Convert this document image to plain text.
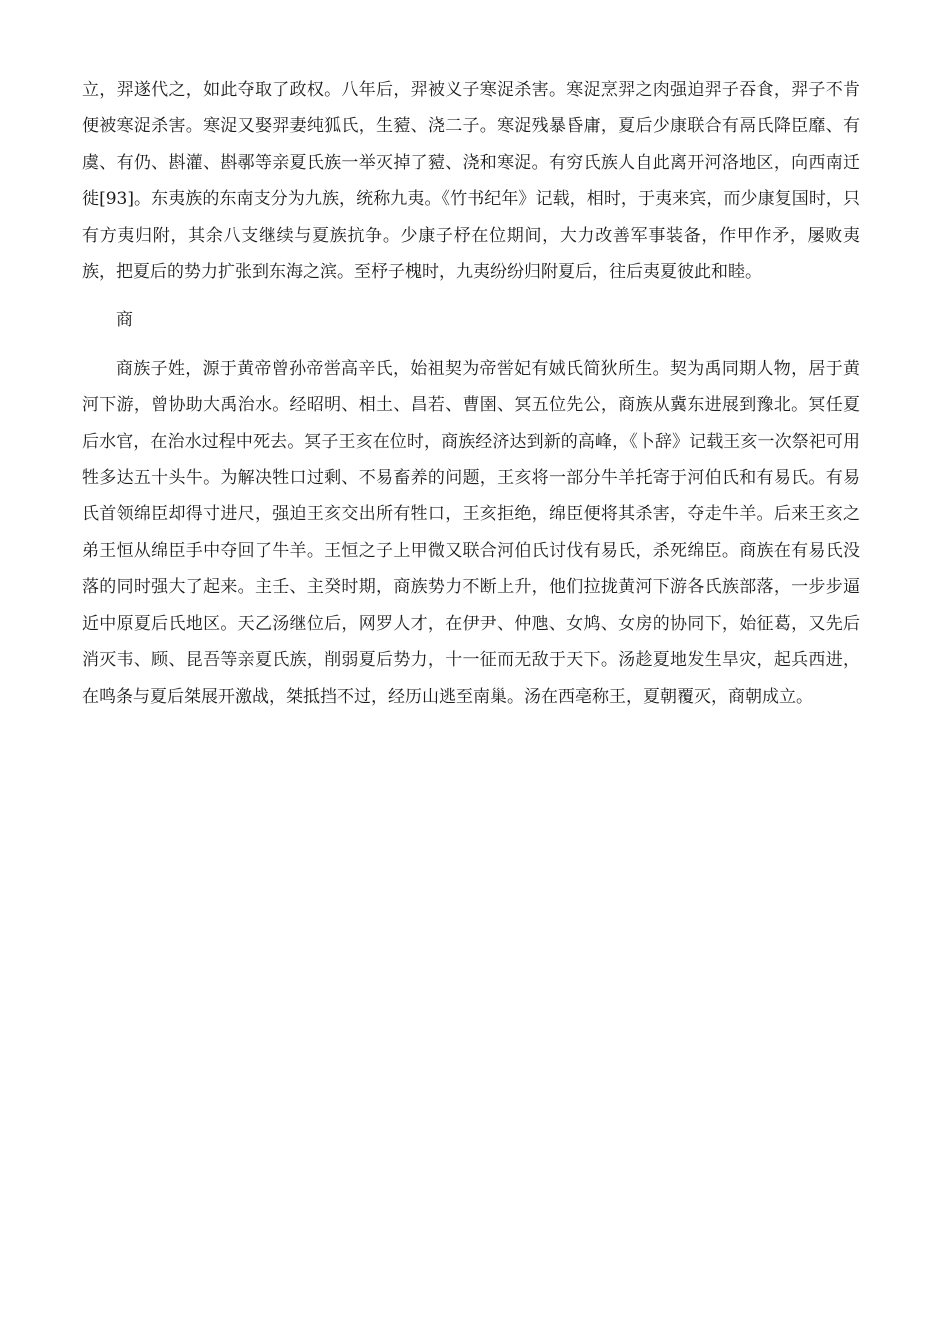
立，羿遂代之，如此夺取了政权。八年后，羿被义子寒浞杀害。寒浞烹羿之肉强迫羿子吞食，羿子不肯便被寒浞杀害。寒浞又娶羿妻纯狐氏，生豷、浇二子。寒浞残暴昏庸，夏后少康联合有鬲氏降臣靡、有虞、有仍、斟灌、斟鄩等亲夏氏族一举灭掉了豷、浇和寒浞。有穷氏族人自此离开河洛地区，向西南迁徙[93]。东夷族的东南支分为九族，统称九夷。《竹书纪年》记载，相时，于夷来宾，而少康复国时，只有方夷归附，其余八支继续与夏族抗争。少康子杼在位期间，大力改善军事装备，作甲作矛，屡败夷族，把夏后的势力扩张到东海之滨。至杼子槐时，九夷纷纷归附夏后，往后夷夏彼此和睦。

商

商族子姓，源于黄帝曾孙帝喾高辛氏，始祖契为帝喾妃有娀氏简狄所生。契为禹同期人物，居于黄河下游，曾协助大禹治水。经昭明、相土、昌若、曹圉、冥五位先公，商族从冀东进展到豫北。冥任夏后水官，在治水过程中死去。冥子王亥在位时，商族经济达到新的高峰，《卜辞》记载王亥一次祭祀可用牲多达五十头牛。为解决牲口过剩、不易畜养的问题，王亥将一部分牛羊托寄于河伯氏和有易氏。有易氏首领绵臣却得寸进尺，强迫王亥交出所有牲口，王亥拒绝，绵臣便将其杀害，夺走牛羊。后来王亥之弟王恒从绵臣手中夺回了牛羊。王恒之子上甲微又联合河伯氏讨伐有易氏，杀死绵臣。商族在有易氏没落的同时强大了起来。主壬、主癸时期，商族势力不断上升，他们拉拢黄河下游各氏族部落，一步步逼近中原夏后氏地区。天乙汤继位后，网罗人才，在伊尹、仲虺、女鸠、女房的协同下，始征葛，又先后消灭韦、顾、昆吾等亲夏氏族，削弱夏后势力，十一征而无敌于天下。汤趁夏地发生旱灾，起兵西进，在鸣条与夏后桀展开激战，桀抵挡不过，经历山逃至南巢。汤在西亳称王，夏朝覆灭，商朝成立。
